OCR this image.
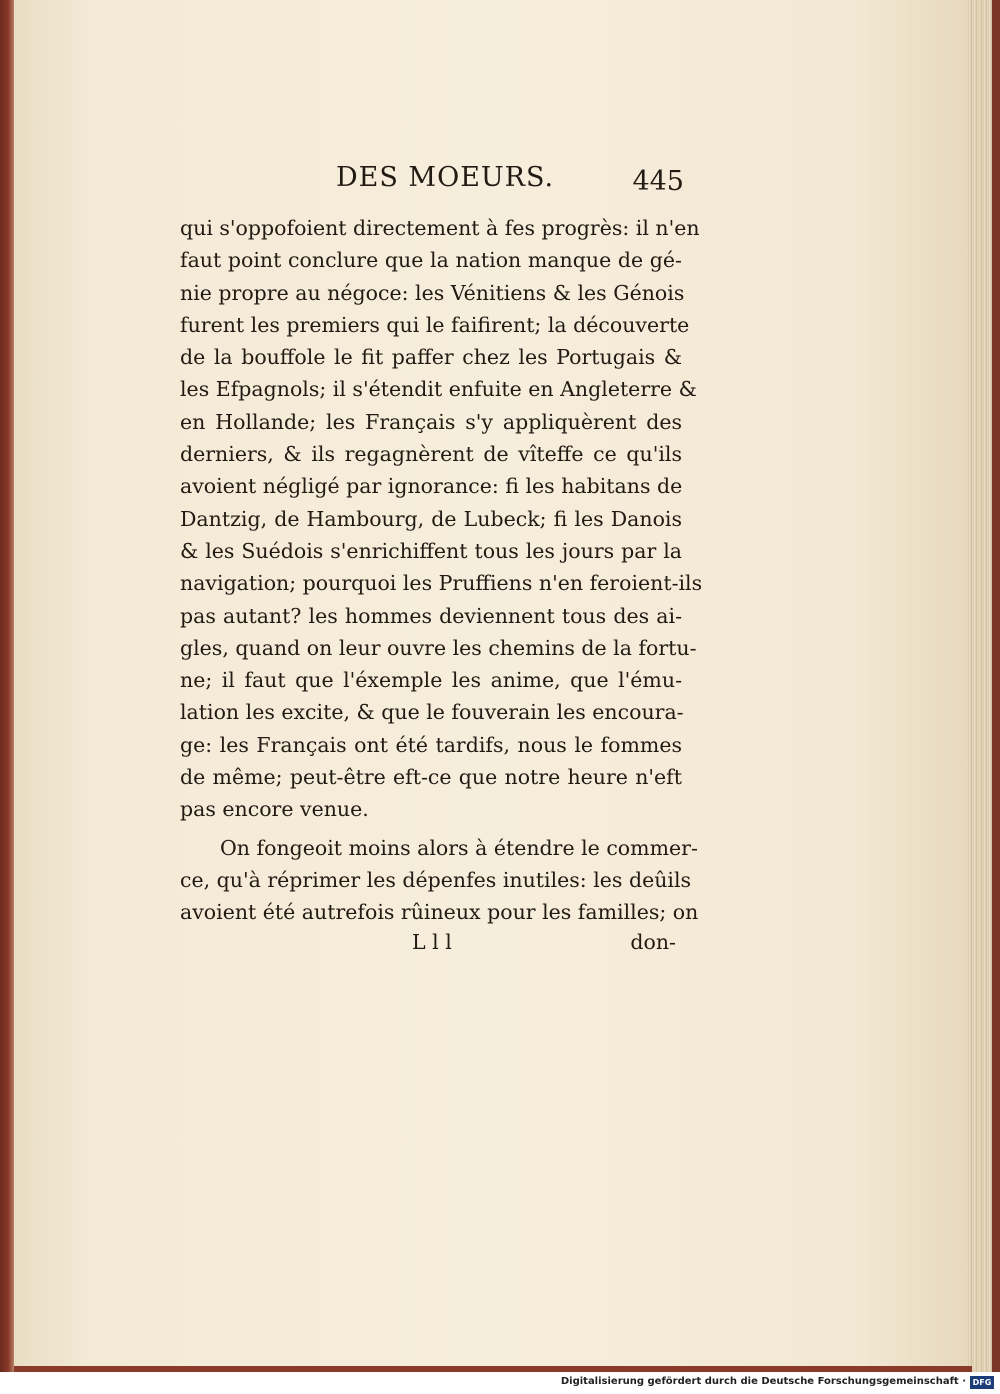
DES MOEURS.	445
qui s'oppofoient directement à fes progrès: il n'en
faut point conclure que la nation manque de gé-
nie propre au négoce: les Vénitiens & les Génois
furent les premiers qui le faifirent; la découverte
de la bouffole le fit paffer chez les Portugais &
les Efpagnols; il s'étendit enfuite en Angleterre &
en Hollande; les Français s'y appliquèrent des
derniers, & ils regagnèrent de vîteffe ce qu'ils
avoient négligé par ignorance: fi les habitans de
Dantzig, de Hambourg, de Lubeck; fi les Danois
& les Suédois s'enrichiffent tous les jours par la
navigation; pourquoi les Pruffiens n'en feroient-ils
pas autant? les hommes deviennent tous des ai-
gles, quand on leur ouvre les chemins de la fortu-
ne; il faut que l'éxemple les anime, que l'ému-
lation les excite, & que le fouverain les encoura-
ge: les Français ont été tardifs, nous le fommes
de même; peut-être eft-ce que notre heure n'eft
pas encore venue.
On fongeoit moins alors à étendre le commer-
ce, qu'à réprimer les dépenfes inutiles: les deûils
avoient été autrefois rûineux pour les familles; on
L l l	don-
Digitalisierung gefördert durch die Deutsche Forschungsgemeinschaft · DFG
